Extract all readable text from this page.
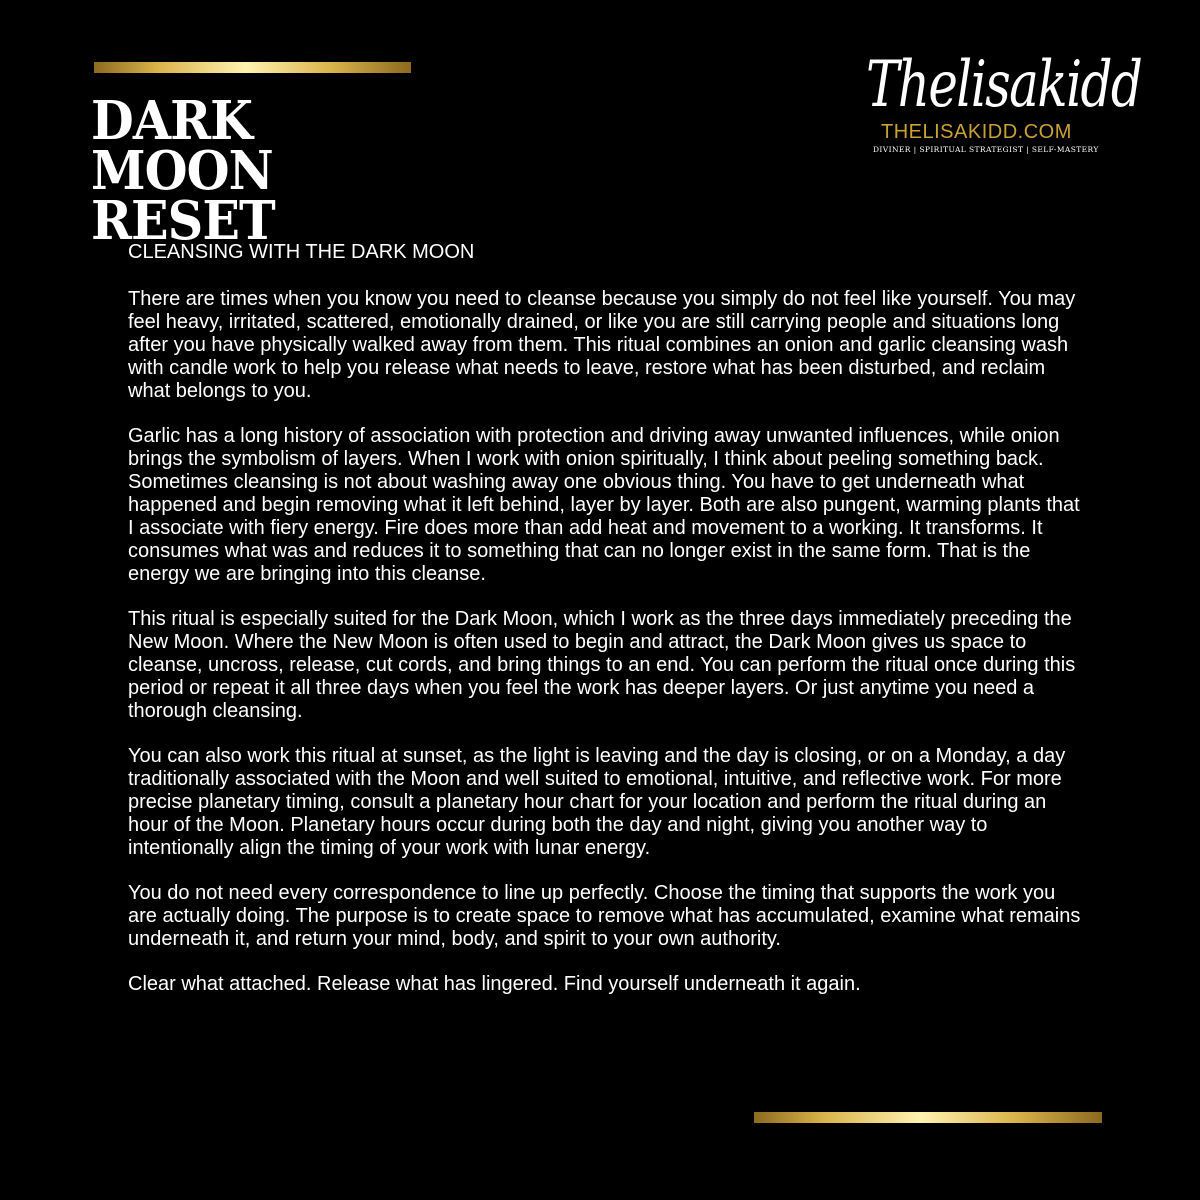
DARK MOON
RESET
Thelisakidd
THELISAKIDD.COM
DIVINER | SPIRITUAL STRATEGIST | SELF-MASTERY
CLEANSING WITH THE DARK MOON

There are times when you know you need to cleanse because you simply do not feel like yourself. You may feel heavy, irritated, scattered, emotionally drained, or like you are still carrying people and situations long after you have physically walked away from them. This ritual combines an onion and garlic cleansing wash with candle work to help you release what needs to leave, restore what has been disturbed, and reclaim what belongs to you.

Garlic has a long history of association with protection and driving away unwanted influences, while onion brings the symbolism of layers. When I work with onion spiritually, I think about peeling something back. Sometimes cleansing is not about washing away one obvious thing. You have to get underneath what happened and begin removing what it left behind, layer by layer. Both are also pungent, warming plants that I associate with fiery energy. Fire does more than add heat and movement to a working. It transforms. It consumes what was and reduces it to something that can no longer exist in the same form. That is the energy we are bringing into this cleanse.

This ritual is especially suited for the Dark Moon, which I work as the three days immediately preceding the New Moon. Where the New Moon is often used to begin and attract, the Dark Moon gives us space to cleanse, uncross, release, cut cords, and bring things to an end. You can perform the ritual once during this period or repeat it all three days when you feel the work has deeper layers. Or just anytime you need a thorough cleansing.

You can also work this ritual at sunset, as the light is leaving and the day is closing, or on a Monday, a day traditionally associated with the Moon and well suited to emotional, intuitive, and reflective work. For more precise planetary timing, consult a planetary hour chart for your location and perform the ritual during an hour of the Moon. Planetary hours occur during both the day and night, giving you another way to intentionally align the timing of your work with lunar energy.

You do not need every correspondence to line up perfectly. Choose the timing that supports the work you are actually doing. The purpose is to create space to remove what has accumulated, examine what remains underneath it, and return your mind, body, and spirit to your own authority.

Clear what attached. Release what has lingered. Find yourself underneath it again.
